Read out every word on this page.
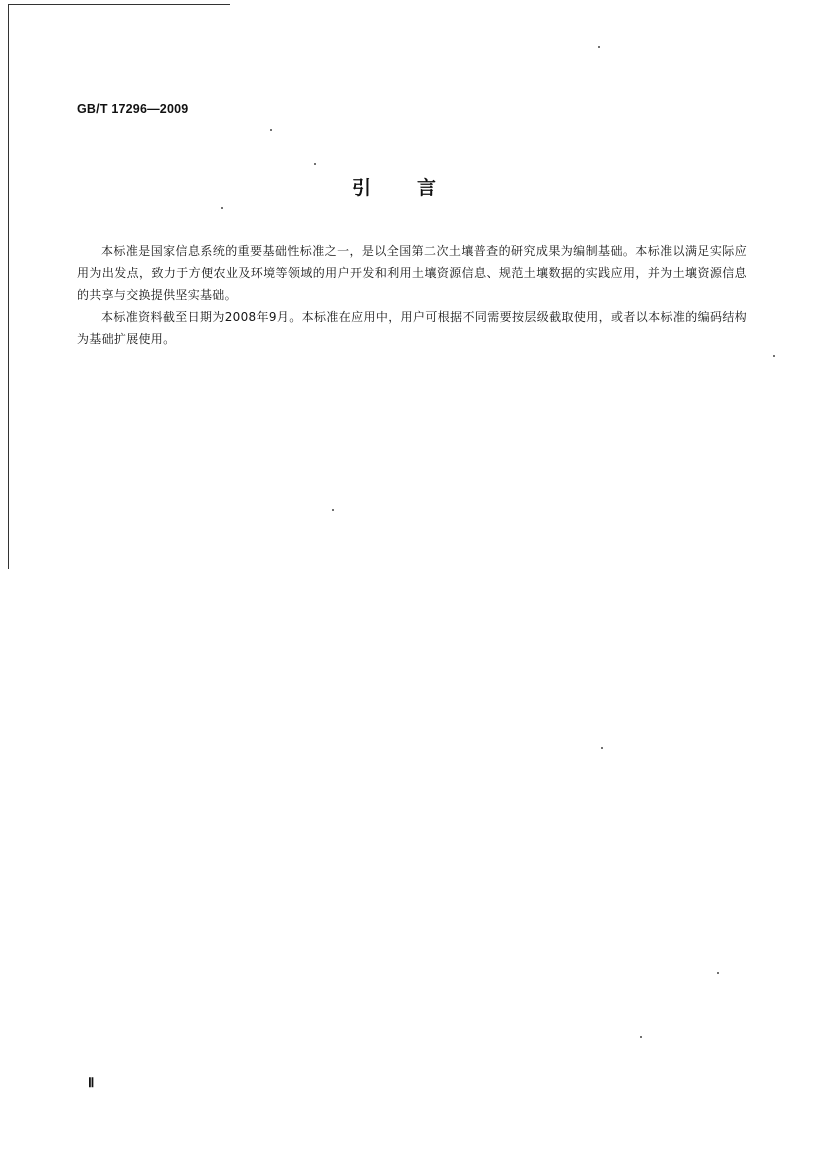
GB/T 17296—2009
引言

本标准是国家信息系统的重要基础性标准之一，是以全国第二次土壤普查的研究成果为编制基础。本标准以满足实际应用为出发点，致力于方便农业及环境等领域的用户开发和利用土壤资源信息、规范土壤数据的实践应用，并为土壤资源信息的共享与交换提供坚实基础。

本标准资料截至日期为2008年9月。本标准在应用中，用户可根据不同需要按层级截取使用，或者以本标准的编码结构为基础扩展使用。

Ⅱ
